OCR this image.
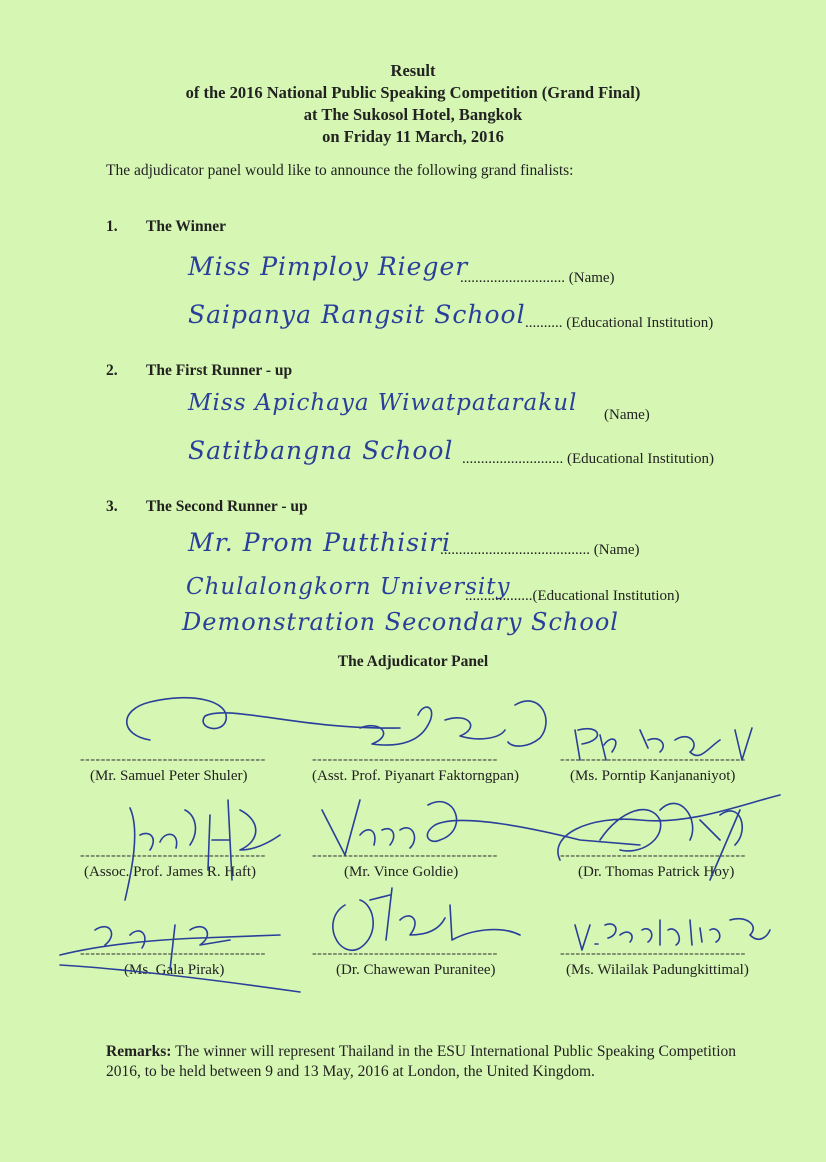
Result
of the 2016 National Public Speaking Competition (Grand Final)
at The Sukosol Hotel, Bangkok
on Friday 11 March, 2016
The adjudicator panel would like to announce the following grand finalists:
1. The Winner
Miss Pimploy Rieger
............................ (Name)
Saipanya Rangsit School .......... (Educational Institution)
2. The First Runner - up
Miss Apichaya Wiwatpatarakul (Name)
Satitbangna School ........................... (Educational Institution)
3. The Second Runner - up
Mr. Prom Putthisiri
........................................ (Name)
Chulalongkorn University
..................(Educational Institution)
Demonstration Secondary School
The Adjudicator Panel
------------------------------------	------------------------------------	------------------------------------
(Mr. Samuel Peter Shuler)	(Asst. Prof. Piyanart Faktorngpan)	(Ms. Porntip Kanjananiyot)
------------------------------------	------------------------------------	------------------------------------
(Assoc. Prof. James R. Haft)	(Mr. Vince Goldie)	(Dr. Thomas Patrick Hoy)
------------------------------------	------------------------------------	------------------------------------
(Ms. Gala Pirak)	(Dr. Chawewan Puranitee)	(Ms. Wilailak Padungkittimal)
Remarks: The winner will represent Thailand in the ESU International Public Speaking Competition 2016, to be held between 9 and 13 May, 2016 at London, the United Kingdom.
